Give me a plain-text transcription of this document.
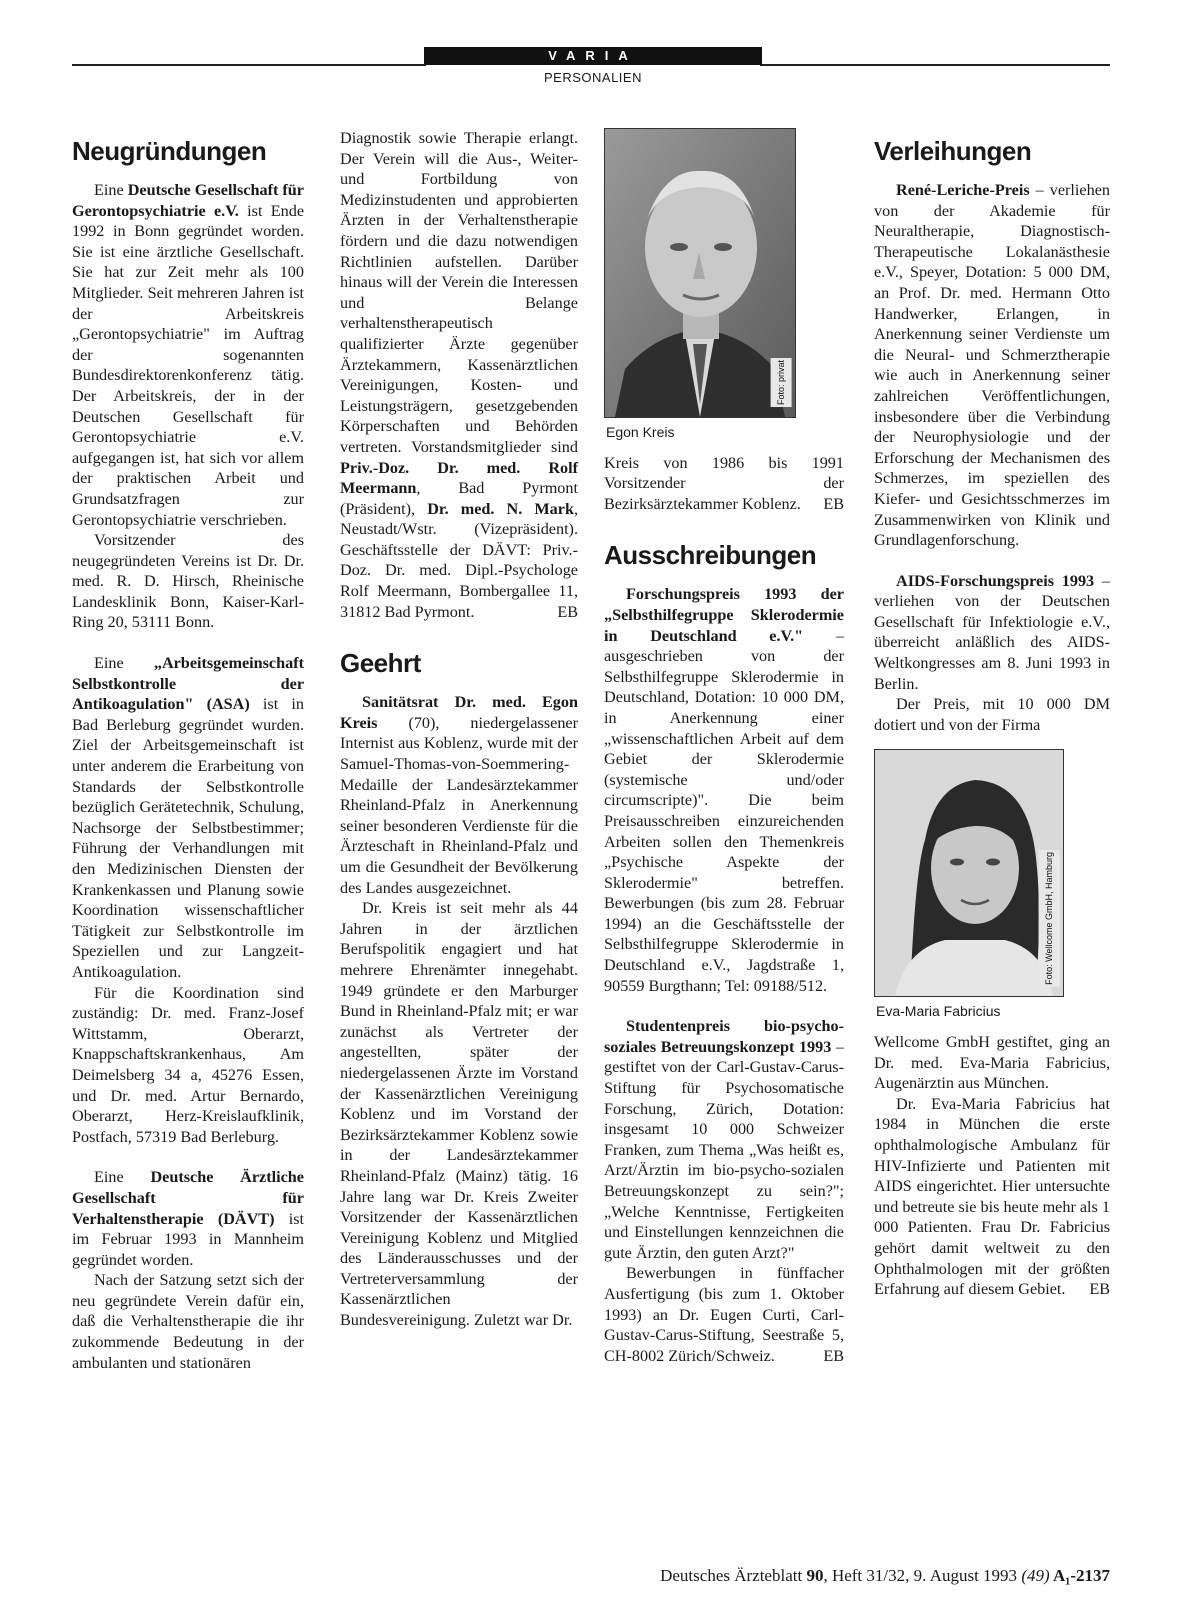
VARIA
PERSONALIEN
Neugründungen

Eine Deutsche Gesellschaft für Gerontopsychiatrie e.V. ist Ende 1992 in Bonn gegründet worden. Sie ist eine ärztliche Gesellschaft. Sie hat zur Zeit mehr als 100 Mitglieder. Seit mehreren Jahren ist der Arbeitskreis „Gerontopsychiatrie" im Auftrag der sogenannten Bundesdirektorenkonferenz tätig. Der Arbeitskreis, der in der Deutschen Gesellschaft für Gerontopsychiatrie e.V. aufgegangen ist, hat sich vor allem der praktischen Arbeit und Grundsatzfragen zur Gerontopsychiatrie verschrieben.

Vorsitzender des neugegründeten Vereins ist Dr. Dr. med. R. D. Hirsch, Rheinische Landesklinik Bonn, Kaiser-Karl-Ring 20, 53111 Bonn.

Eine „Arbeitsgemeinschaft Selbstkontrolle der Antikoagulation" (ASA) ist in Bad Berleburg gegründet wurden. Ziel der Arbeitsgemeinschaft ist unter anderem die Erarbeitung von Standards der Selbstkontrolle bezüglich Gerätetechnik, Schulung, Nachsorge der Selbstbestimmer; Führung der Verhandlungen mit den Medizinischen Diensten der Krankenkassen und Planung sowie Koordination wissenschaftlicher Tätigkeit zur Selbstkontrolle im Speziellen und zur Langzeit-Antikoagulation.

Für die Koordination sind zuständig: Dr. med. Franz-Josef Wittstamm, Oberarzt, Knappschaftskrankenhaus, Am Deimelsberg 34 a, 45276 Essen, und Dr. med. Artur Bernardo, Oberarzt, Herz-Kreislaufklinik, Postfach, 57319 Bad Berleburg.

Eine Deutsche Ärztliche Gesellschaft für Verhaltenstherapie (DÄVT) ist im Februar 1993 in Mannheim gegründet worden.

Nach der Satzung setzt sich der neu gegründete Verein dafür ein, daß die Verhaltenstherapie die ihr zukommende Bedeutung in der ambulanten und stationären

Diagnostik sowie Therapie erlangt. Der Verein will die Aus-, Weiter- und Fortbildung von Medizinstudenten und approbierten Ärzten in der Verhaltenstherapie fördern und die dazu notwendigen Richtlinien aufstellen. Darüber hinaus will der Verein die Interessen und Belange verhaltenstherapeutisch qualifizierter Ärzte gegenüber Ärztekammern, Kassenärztlichen Vereinigungen, Kosten- und Leistungsträgern, gesetzgebenden Körperschaften und Behörden vertreten. Vorstandsmitglieder sind Priv.-Doz. Dr. med. Rolf Meermann, Bad Pyrmont (Präsident), Dr. med. N. Mark, Neustadt/Wstr. (Vizepräsident). Geschäftsstelle der DÄVT: Priv.-Doz. Dr. med. Dipl.-Psychologe Rolf Meermann, Bombergallee 11, 31812 Bad Pyrmont.	EB

Geehrt

Sanitätsrat Dr. med. Egon Kreis (70), niedergelassener Internist aus Koblenz, wurde mit der Samuel-Thomas-von-Soemmering-Medaille der Landesärztekammer Rheinland-Pfalz in Anerkennung seiner besonderen Verdienste für die Ärzteschaft in Rheinland-Pfalz und um die Gesundheit der Bevölkerung des Landes ausgezeichnet.

Dr. Kreis ist seit mehr als 44 Jahren in der ärztlichen Berufspolitik engagiert und hat mehrere Ehrenämter innegehabt. 1949 gründete er den Marburger Bund in Rheinland-Pfalz mit; er war zunächst als Vertreter der angestellten, später der niedergelassenen Ärzte im Vorstand der Kassenärztlichen Vereinigung Koblenz und im Vorstand der Bezirksärztekammer Koblenz sowie in der Landesärztekammer Rheinland-Pfalz (Mainz) tätig. 16 Jahre lang war Dr. Kreis Zweiter Vorsitzender der Kassenärztlichen Vereinigung Koblenz und Mitglied des Länderausschusses und der Vertreterversammlung der Kassenärztlichen Bundesvereinigung. Zuletzt war Dr.

Foto: privat
Egon Kreis

Kreis von 1986 bis 1991 Vorsitzender der Bezirksärztekammer Koblenz. EB

Ausschreibungen

Forschungspreis 1993 der „Selbsthilfegruppe Sklerodermie in Deutschland e.V." – ausgeschrieben von der Selbsthilfegruppe Sklerodermie in Deutschland, Dotation: 10 000 DM, in Anerkennung einer „wissenschaftlichen Arbeit auf dem Gebiet der Sklerodermie (systemische und/oder circumscripte)". Die beim Preisausschreiben einzureichenden Arbeiten sollen den Themenkreis „Psychische Aspekte der Sklerodermie" betreffen. Bewerbungen (bis zum 28. Februar 1994) an die Geschäftsstelle der Selbsthilfegruppe Sklerodermie in Deutschland e.V., Jagdstraße 1, 90559 Burgthann; Tel: 09188/512.

Studentenpreis bio-psycho-soziales Betreuungskonzept 1993 – gestiftet von der Carl-Gustav-Carus-Stiftung für Psychosomatische Forschung, Zürich, Dotation: insgesamt 10 000 Schweizer Franken, zum Thema „Was heißt es, Arzt/Ärztin im bio-psycho-sozialen Betreuungskonzept zu sein?"; „Welche Kenntnisse, Fertigkeiten und Einstellungen kennzeichnen die gute Ärztin, den guten Arzt?"

Bewerbungen in fünffacher Ausfertigung (bis zum 1. Oktober 1993) an Dr. Eugen Curti, Carl-Gustav-Carus-Stiftung, Seestraße 5, CH-8002 Zürich/Schweiz.	EB

Verleihungen

René-Leriche-Preis – verliehen von der Akademie für Neuraltherapie, Diagnostisch-Therapeutische Lokalanästhesie e.V., Speyer, Dotation: 5 000 DM, an Prof. Dr. med. Hermann Otto Handwerker, Erlangen, in Anerkennung seiner Verdienste um die Neural- und Schmerztherapie wie auch in Anerkennung seiner zahlreichen Veröffentlichungen, insbesondere über die Verbindung der Neurophysiologie und der Erforschung der Mechanismen des Schmerzes, im speziellen des Kiefer- und Gesichtsschmerzes im Zusammenwirken von Klinik und Grundlagenforschung.

AIDS-Forschungspreis 1993 – verliehen von der Deutschen Gesellschaft für Infektiologie e.V., überreicht anläßlich des AIDS-Weltkongresses am 8. Juni 1993 in Berlin.

Der Preis, mit 10 000 DM dotiert und von der Firma

Foto: Wellcome GmbH, Hamburg
Eva-Maria Fabricius

Wellcome GmbH gestiftet, ging an Dr. med. Eva-Maria Fabricius, Augenärztin aus München.

Dr. Eva-Maria Fabricius hat 1984 in München die erste ophthalmologische Ambulanz für HIV-Infizierte und Patienten mit AIDS eingerichtet. Hier untersuchte und betreute sie bis heute mehr als 1 000 Patienten. Frau Dr. Fabricius gehört damit weltweit zu den Ophthalmologen mit der größten Erfahrung auf diesem Gebiet.	EB

Deutsches Ärzteblatt 90, Heft 31/32, 9. August 1993 (49) A₁-2137
